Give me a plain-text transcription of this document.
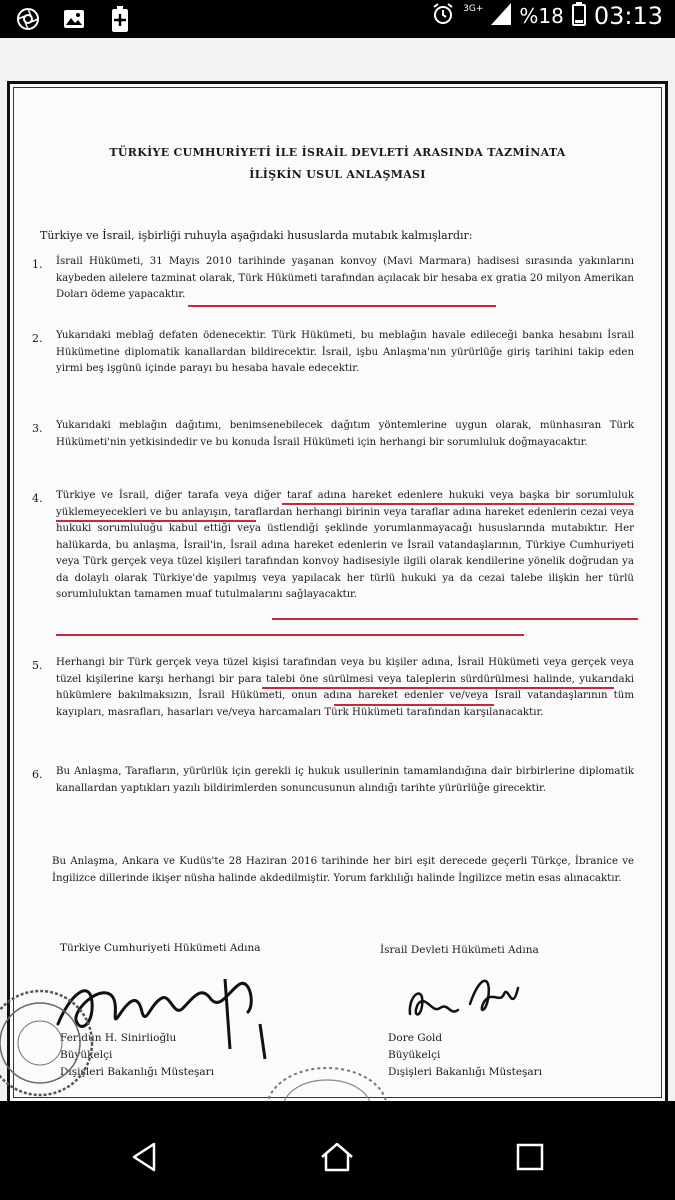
3G+ %18 03:13
TÜRKİYE CUMHURİYETİ İLE İSRAİL DEVLETİ ARASINDA TAZMİNATA
İLİŞKİN USUL ANLAŞMASI
Türkiye ve İsrail, işbirliği ruhuyla aşağıdaki hususlarda mutabık kalmışlardır:
1. İsrail Hükümeti, 31 Mayıs 2010 tarihinde yaşanan konvoy (Mavi Marmara) hadisesi sırasında yakınlarını kaybeden ailelere tazminat olarak, Türk Hükümeti tarafından açılacak bir hesaba ex gratia 20 milyon Amerikan Doları ödeme yapacaktır.
2. Yukarıdaki meblağ defaten ödenecektir. Türk Hükümeti, bu meblağın havale edileceği banka hesabını İsrail Hükümetine diplomatik kanallardan bildirecektir. İsrail, işbu Anlaşma'nın yürürlüğe giriş tarihini takip eden yirmi beş işgünü içinde parayı bu hesaba havale edecektir.
3. Yukarıdaki meblağın dağıtımı, benimsenebilecek dağıtım yöntemlerine uygun olarak, münhasıran Türk Hükümeti'nin yetkisindedir ve bu konuda İsrail Hükümeti için herhangi bir sorumluluk doğmayacaktır.
4. Türkiye ve İsrail, diğer tarafa veya diğer taraf adına hareket edenlere hukuki veya başka bir sorumluluk yüklemeyecekleri ve bu anlayışın, taraflardan herhangi birinin veya taraflar adına hareket edenlerin cezai veya hukuki sorumluluğu kabul ettiği veya üstlendiği şeklinde yorumlanmayacağı hususlarında mutabıktır. Her halükarda, bu anlaşma, İsrail'in, İsrail adına hareket edenlerin ve İsrail vatandaşlarının, Türkiye Cumhuriyeti veya Türk gerçek veya tüzel kişileri tarafından konvoy hadisesiyle ilgili olarak kendilerine yönelik doğrudan ya da dolaylı olarak Türkiye'de yapılmış veya yapılacak her türlü hukuki ya da cezai talebe ilişkin her türlü sorumluluktan tamamen muaf tutulmalarını sağlayacaktır.
5. Herhangi bir Türk gerçek veya tüzel kişisi tarafından veya bu kişiler adına, İsrail Hükümeti veya gerçek veya tüzel kişilerine karşı herhangi bir para talebi öne sürülmesi veya taleplerin sürdürülmesi halinde, yukarıdaki hükümlere bakılmaksızın, İsrail Hükümeti, onun adına hareket edenler ve/veya İsrail vatandaşlarının tüm kayıpları, masrafları, hasarları ve/veya harcamaları Türk Hükümeti tarafından karşılanacaktır.
6. Bu Anlaşma, Tarafların, yürürlük için gerekli iç hukuk usullerinin tamamlandığına dair birbirlerine diplomatik kanallardan yaptıkları yazılı bildirimlerden sonuncusunun alındığı tarihte yürürlüğe girecektir.
Bu Anlaşma, Ankara ve Kudüs'te 28 Haziran 2016 tarihinde her biri eşit derecede geçerli Türkçe, İbranice ve İngilizce dillerinde ikişer nüsha halinde akdedilmiştir. Yorum farklılığı halinde İngilizce metin esas alınacaktır.
Türkiye Cumhuriyeti Hükümeti Adına	İsrail Devleti Hükümeti Adına
Feridun H. Sinirlioğlu
Büyükelçi
Dışişleri Bakanlığı Müsteşarı
Dore Gold
Büyükelçi
Dışişleri Bakanlığı Müsteşarı
